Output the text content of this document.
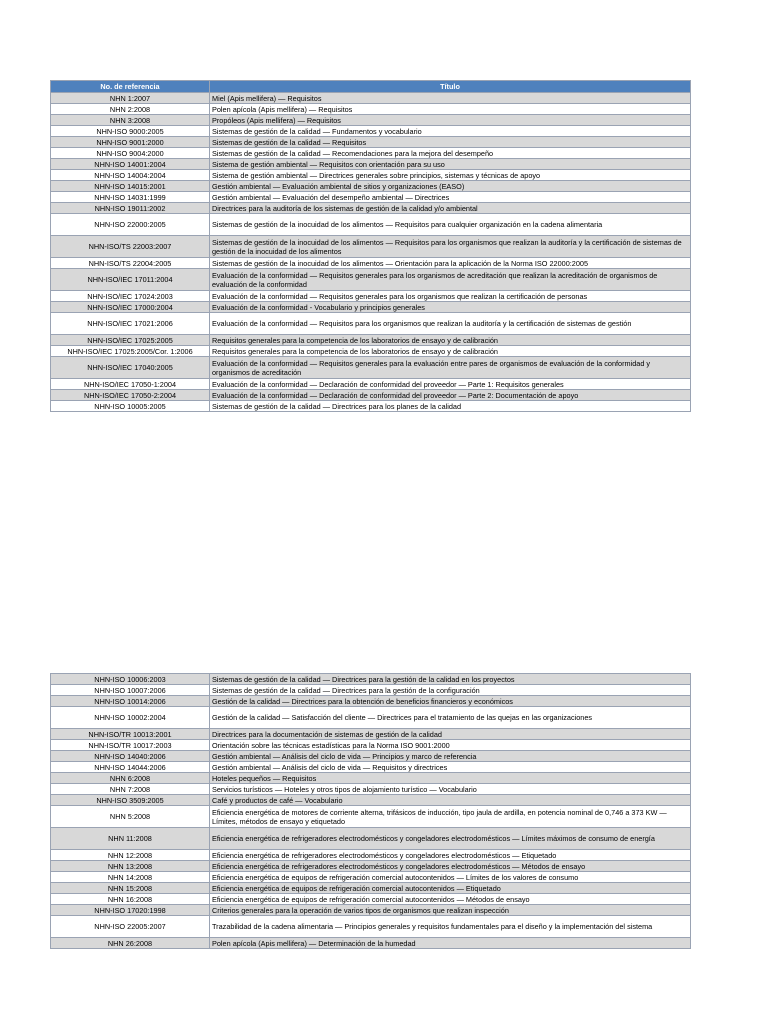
No. de referencia	Título
NHN 1:2007	Miel (Apis mellifera) — Requisitos
NHN 2:2008	Polen apícola (Apis mellifera) — Requisitos
NHN 3:2008	Propóleos (Apis mellifera) — Requisitos
NHN-ISO 9000:2005	Sistemas de gestión de la calidad — Fundamentos y vocabulario
NHN-ISO 9001:2000	Sistemas de gestión de la calidad — Requisitos
NHN-ISO 9004:2000	Sistemas de gestión de la calidad — Recomendaciones para la mejora del desempeño
NHN-ISO 14001:2004	Sistema de gestión ambiental — Requisitos con orientación para su uso
NHN-ISO 14004:2004	Sistema de gestión ambiental — Directrices generales sobre principios, sistemas y técnicas de apoyo
NHN-ISO 14015:2001	Gestión ambiental — Evaluación ambiental de sitios y organizaciones (EASO)
NHN-ISO 14031:1999	Gestión ambiental — Evaluación del desempeño ambiental — Directrices
NHN-ISO 19011:2002	Directrices para la auditoría de los sistemas de gestión de la calidad y/o ambiental
NHN-ISO 22000:2005	Sistemas de gestión de la inocuidad de los alimentos — Requisitos para cualquier organización en la cadena alimentaria
NHN-ISO/TS 22003:2007	Sistemas de gestión de la inocuidad de los alimentos — Requisitos para los organismos que realizan la auditoría y la certificación de sistemas de gestión de la inocuidad de los alimentos
NHN-ISO/TS 22004:2005	Sistemas de gestión de la inocuidad de los alimentos — Orientación para la aplicación de la Norma ISO 22000:2005
NHN-ISO/IEC 17011:2004	Evaluación de la conformidad — Requisitos generales para los organismos de acreditación que realizan la acreditación de organismos de evaluación de la conformidad
NHN-ISO/IEC 17024:2003	Evaluación de la conformidad — Requisitos generales para los organismos que realizan la certificación de personas
NHN-ISO/IEC 17000:2004	Evaluación de la conformidad - Vocabulario y principios generales
NHN-ISO/IEC 17021:2006	Evaluación de la conformidad — Requisitos para los organismos que realizan la auditoría y la certificación de sistemas de gestión
NHN-ISO/IEC 17025:2005	Requisitos generales para la competencia de los laboratorios de ensayo y de calibración
NHN-ISO/IEC 17025:2005/Cor. 1:2006	Requisitos generales para la competencia de los laboratorios de ensayo y de calibración
NHN-ISO/IEC 17040:2005	Evaluación de la conformidad — Requisitos generales para la evaluación entre pares de organismos de evaluación de la conformidad y organismos de acreditación
NHN-ISO/IEC 17050-1:2004	Evaluación de la conformidad — Declaración de conformidad del proveedor — Parte 1: Requisitos generales
NHN-ISO/IEC 17050-2:2004	Evaluación de la conformidad — Declaración de conformidad del proveedor — Parte 2: Documentación de apoyo
NHN-ISO 10005:2005	Sistemas de gestión de la calidad — Directrices para los planes de la calidad
NHN-ISO 10006:2003	Sistemas de gestión de la calidad — Directrices para la gestión de la calidad en los proyectos
NHN-ISO 10007:2006	Sistemas de gestión de la calidad — Directrices para la gestión de la configuración
NHN-ISO 10014:2006	Gestión de la calidad — Directrices para la obtención de beneficios financieros y económicos
NHN-ISO 10002:2004	Gestión de la calidad — Satisfacción del cliente — Directrices para el tratamiento de las quejas en las organizaciones
NHN-ISO/TR 10013:2001	Directrices para la documentación de sistemas de gestión de la calidad
NHN-ISO/TR 10017:2003	Orientación sobre las técnicas estadísticas para la Norma ISO 9001:2000
NHN-ISO 14040:2006	Gestión ambiental — Análisis del ciclo de vida — Principios y marco de referencia
NHN-ISO 14044:2006	Gestión ambiental — Análisis del ciclo de vida — Requisitos y directrices
NHN 6:2008	Hoteles pequeños — Requisitos
NHN 7:2008	Servicios turísticos — Hoteles y otros tipos de alojamiento turístico — Vocabulario
NHN-ISO 3509:2005	Café y productos de café — Vocabulario
NHN 5:2008	Eficiencia energética de motores de corriente alterna, trifásicos de inducción, tipo jaula de ardilla, en potencia nominal de 0,746 a 373 KW — Límites, métodos de ensayo y etiquetado
NHN 11:2008	Eficiencia energética de refrigeradores electrodomésticos y congeladores electrodomésticos — Límites máximos de consumo de energía
NHN 12:2008	Eficiencia energética de refrigeradores electrodomésticos y congeladores electrodomésticos — Etiquetado
NHN 13:2008	Eficiencia energética de refrigeradores electrodomésticos y congeladores electrodomésticos — Métodos de ensayo
NHN 14:2008	Eficiencia energética de equipos de refrigeración comercial autocontenidos — Límites de los valores de consumo
NHN 15:2008	Eficiencia energética de equipos de refrigeración comercial autocontenidos — Etiquetado
NHN 16:2008	Eficiencia energética de equipos de refrigeración comercial autocontenidos — Métodos de ensayo
NHN-ISO 17020:1998	Criterios generales para la operación de varios tipos de organismos que realizan inspección
NHN-ISO 22005:2007	Trazabilidad de la cadena alimentaria — Principios generales y requisitos fundamentales para el diseño y la implementación del sistema
NHN 26:2008	Polen apícola (Apis mellifera) — Determinación de la humedad
